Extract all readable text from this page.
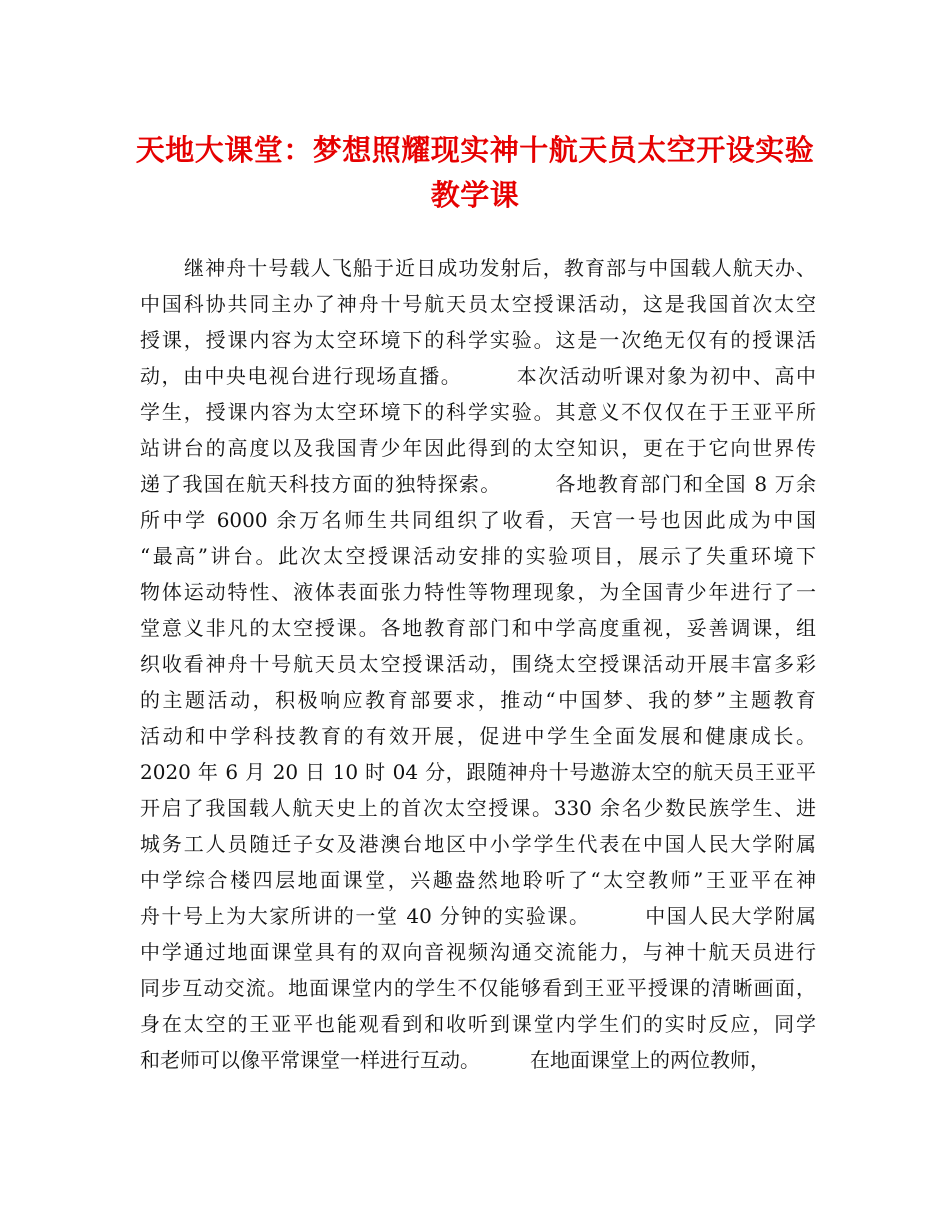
天地大课堂：梦想照耀现实神十航天员太空开设实验教学课
继神舟十号载人飞船于近日成功发射后，教育部与中国载人航天办、
中国科协共同主办了神舟十号航天员太空授课活动，这是我国首次太空
授课，授课内容为太空环境下的科学实验。这是一次绝无仅有的授课活
动，由中央电视台进行现场直播。　　　本次活动听课对象为初中、高中
学生，授课内容为太空环境下的科学实验。其意义不仅仅在于王亚平所
站讲台的高度以及我国青少年因此得到的太空知识，更在于它向世界传
递了我国在航天科技方面的独特探索。　　　各地教育部门和全国 8 万余
所中学 6000 余万名师生共同组织了收看，天宫一号也因此成为中国
“最高”讲台。此次太空授课活动安排的实验项目，展示了失重环境下
物体运动特性、液体表面张力特性等物理现象，为全国青少年进行了一
堂意义非凡的太空授课。各地教育部门和中学高度重视，妥善调课，组
织收看神舟十号航天员太空授课活动，围绕太空授课活动开展丰富多彩
的主题活动，积极响应教育部要求，推动“中国梦、我的梦”主题教育
活动和中学科技教育的有效开展，促进中学生全面发展和健康成长。
2020 年 6 月 20 日 10 时 04 分，跟随神舟十号遨游太空的航天员王亚平
开启了我国载人航天史上的首次太空授课。330 余名少数民族学生、进
城务工人员随迁子女及港澳台地区中小学学生代表在中国人民大学附属
中学综合楼四层地面课堂，兴趣盎然地聆听了“太空教师”王亚平在神
舟十号上为大家所讲的一堂 40 分钟的实验课。　　　中国人民大学附属
中学通过地面课堂具有的双向音视频沟通交流能力，与神十航天员进行
同步互动交流。地面课堂内的学生不仅能够看到王亚平授课的清晰画面，
身在太空的王亚平也能观看到和收听到课堂内学生们的实时反应，同学
和老师可以像平常课堂一样进行互动。　　　在地面课堂上的两位教师，
